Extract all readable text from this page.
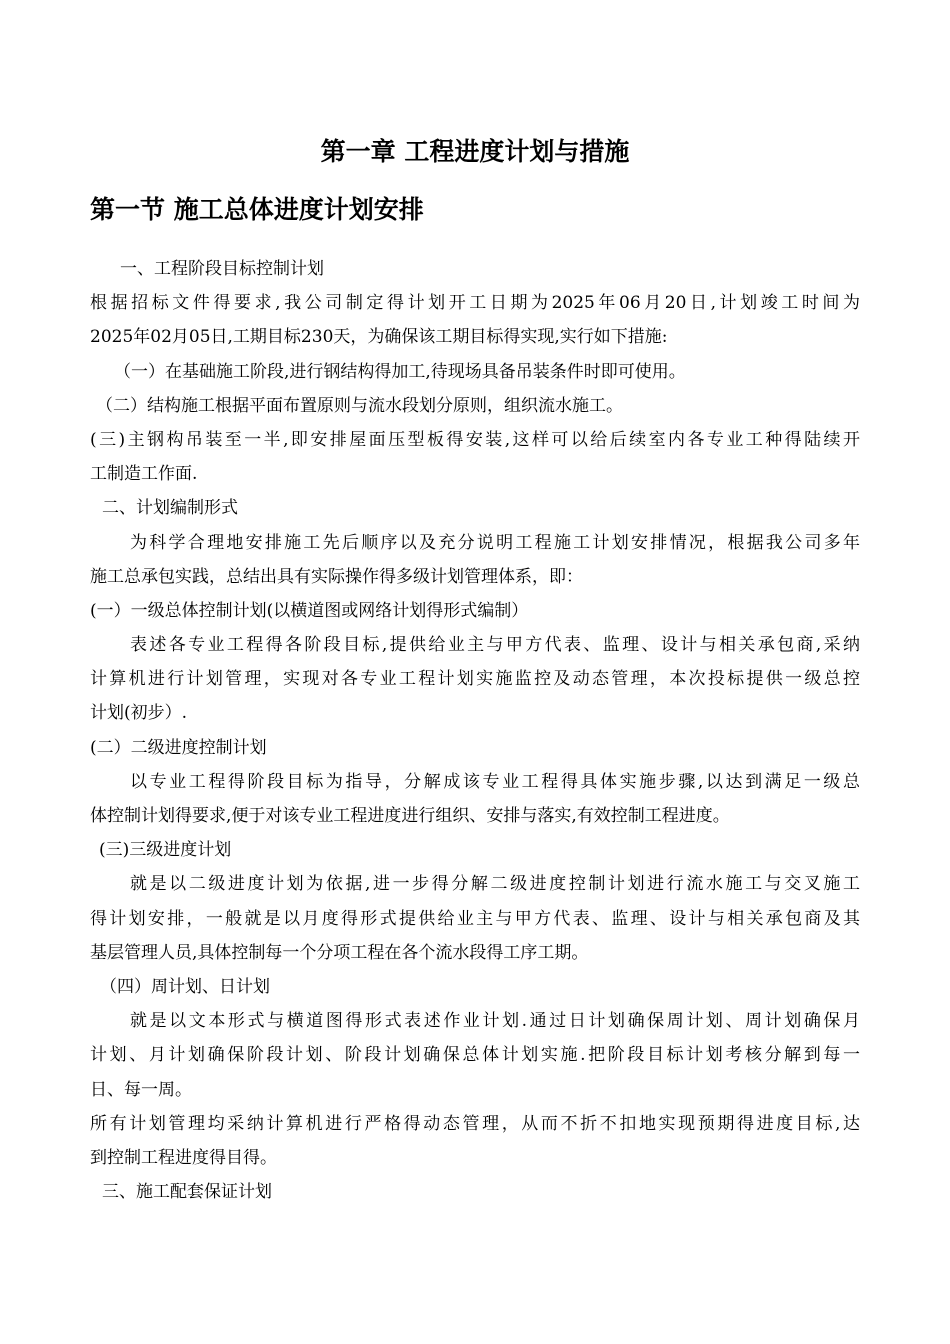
第一章 工程进度计划与措施
第一节 施工总体进度计划安排
一、工程阶段目标控制计划
根据招标文件得要求,我公司制定得计划开工日期为2025年06月20日,计划竣工时间为
2025年02月05日,工期目标230天，为确保该工期目标得实现,实行如下措施:
（一）在基础施工阶段,进行钢结构得加工,待现场具备吊装条件时即可使用。
（二）结构施工根据平面布置原则与流水段划分原则，组织流水施工。
(三)主钢构吊装至一半,即安排屋面压型板得安装,这样可以给后续室内各专业工种得陆续开
工制造工作面.
二、计划编制形式
为科学合理地安排施工先后顺序以及充分说明工程施工计划安排情况，根据我公司多年
施工总承包实践，总结出具有实际操作得多级计划管理体系，即：
(一）一级总体控制计划(以横道图或网络计划得形式编制）
表述各专业工程得各阶段目标,提供给业主与甲方代表、监理、设计与相关承包商,采纳
计算机进行计划管理，实现对各专业工程计划实施监控及动态管理，本次投标提供一级总控
计划(初步）.
(二）二级进度控制计划
以专业工程得阶段目标为指导，分解成该专业工程得具体实施步骤,以达到满足一级总
体控制计划得要求,便于对该专业工程进度进行组织、安排与落实,有效控制工程进度。
(三)三级进度计划
就是以二级进度计划为依据,进一步得分解二级进度控制计划进行流水施工与交叉施工
得计划安排，一般就是以月度得形式提供给业主与甲方代表、监理、设计与相关承包商及其
基层管理人员,具体控制每一个分项工程在各个流水段得工序工期。
（四）周计划、日计划
就是以文本形式与横道图得形式表述作业计划.通过日计划确保周计划、周计划确保月
计划、月计划确保阶段计划、阶段计划确保总体计划实施.把阶段目标计划考核分解到每一
日、每一周。
所有计划管理均采纳计算机进行严格得动态管理，从而不折不扣地实现预期得进度目标,达
到控制工程进度得目得。
三、施工配套保证计划
